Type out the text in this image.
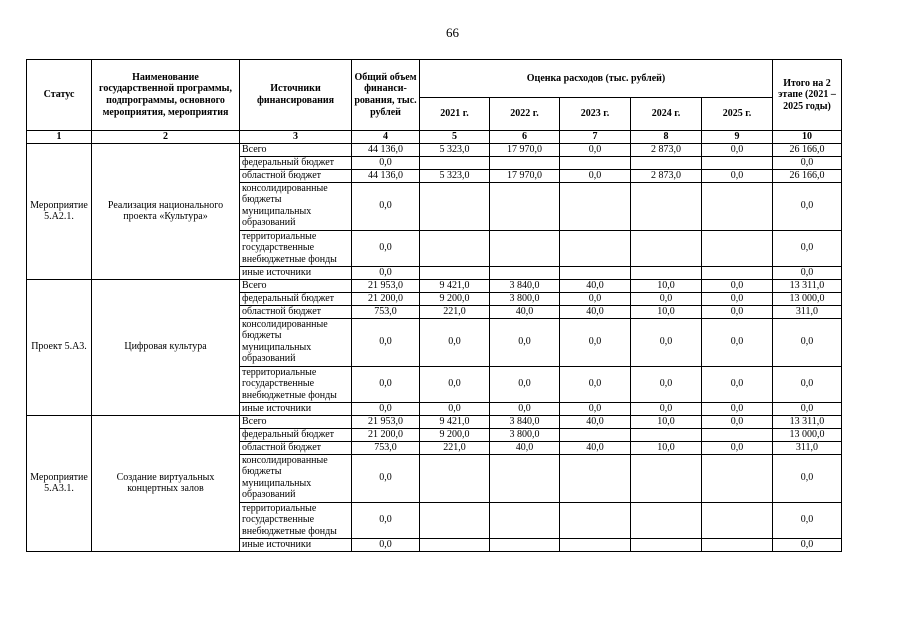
66
Статус	Наименование государственной программы, подпрограммы, основного мероприятия, мероприятия	Источники финансирования	Общий объем финанси-рования, тыс. рублей	Оценка расходов (тыс. рублей)					Итого на 2 этапе (2021 – 2025 годы)
				2021 г.	2022 г.	2023 г.	2024 г.	2025 г.	
1	2	3	4	5	6	7	8	9	10
Мероприятие 5.А2.1.	Реализация национального проекта «Культура»	Всего	44 136,0	5 323,0	17 970,0	0,0	2 873,0	0,0	26 166,0
		федеральный бюджет	0,0						0,0
		областной бюджет	44 136,0	5 323,0	17 970,0	0,0	2 873,0	0,0	26 166,0
		консолидированные бюджеты муниципальных образований	0,0						0,0
		территориальные государственные внебюджетные фонды	0,0						0,0
		иные источники	0,0						0,0
Проект 5.А3.	Цифровая культура	Всего	21 953,0	9 421,0	3 840,0	40,0	10,0	0,0	13 311,0
		федеральный бюджет	21 200,0	9 200,0	3 800,0	0,0	0,0	0,0	13 000,0
		областной бюджет	753,0	221,0	40,0	40,0	10,0	0,0	311,0
		консолидированные бюджеты муниципальных образований	0,0	0,0	0,0	0,0	0,0	0,0	0,0
		территориальные государственные внебюджетные фонды	0,0	0,0	0,0	0,0	0,0	0,0	0,0
		иные источники	0,0	0,0	0,0	0,0	0,0	0,0	0,0
Мероприятие 5.А3.1.	Создание виртуальных концертных залов	Всего	21 953,0	9 421,0	3 840,0	40,0	10,0	0,0	13 311,0
		федеральный бюджет	21 200,0	9 200,0	3 800,0				13 000,0
		областной бюджет	753,0	221,0	40,0	40,0	10,0	0,0	311,0
		консолидированные бюджеты муниципальных образований	0,0						0,0
		территориальные государственные внебюджетные фонды	0,0						0,0
		иные источники	0,0						0,0
